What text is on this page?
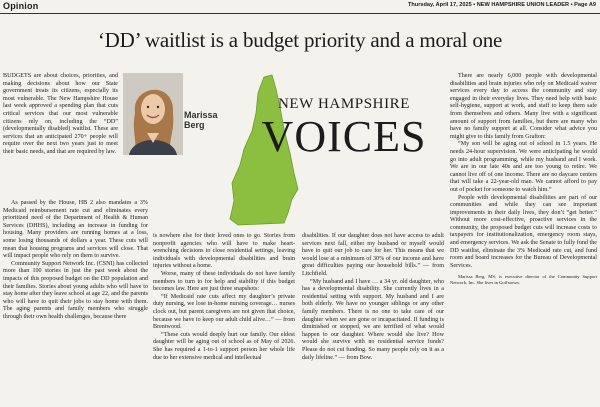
Opinion	Thursday, April 17, 2025 • NEW HAMPSHIRE UNION LEADER • Page A9
‘DD’ waitlist is a budget priority and a moral one

BUDGETS are about choices, priorities, and making decisions about how our State government treats its citizens, especially its most vulnerable. The New Hampshire House last week approved a spending plan that cuts critical services that our most vulnerable citizens rely on, including the “DD” (developmentally disabled) waitlist. These are services that an anticipated 270+ people will require over the next two years just to meet their basic needs, and that are required by law.

Marissa
Berg
NEW HAMPSHIRE
VOICES

As passed by the House, HB 2 also mandates a 3% Medicaid reimbursement rate cut and eliminates every prioritized need of the Department of Health & Human Services (DHHS), including an increase in funding for housing. Many providers are running homes at a loss, some losing thousands of dollars a year. These cuts will mean that housing programs and services will close. That will impact people who rely on them to survive.

Community Support Network Inc. (CSNI) has collected more than 100 stories in just the past week about the impacts of this proposed budget on the DD population and their families. Stories about young adults who will have to stay home after they leave school at age 22, and the parents who will have to quit their jobs to stay home with them. The aging parents and family members who struggle through their own health challenges, because there

is nowhere else for their loved ones to go. Stories from nonprofit agencies who will have to make heart-wrenching decisions to close residential settings, leaving individuals with developmental disabilities and brain injuries without a home.

Worse, many of these individuals do not have family members to turn to for help and stability if this budget becomes law. Here are just three snapshots:

“If Medicaid rate cuts affect my daughter’s private duty nursing, we lose in-home nursing coverage… nurses clock out, but parent caregivers are not given that choice, because we have to keep our adult child alive…” — from Brentwood.

“These cuts would deeply hurt our family. Our eldest daughter will be aging out of school as of May of 2026. She has required a 1-to-1 support person her whole life due to her extensive medical and intellectual

disabilities. If our daughter does not have access to adult services next fall, either my husband or myself would have to quit our job to care for her. This means that we would lose at a minimum of 30% of our income and have great difficulties paying our household bills.” — from Litchfield.

“My husband and I have … a 34 yr. old daughter, who has a developmental disability. She currently lives in a residential setting with support. My husband and I are both elderly. We have no younger siblings or any other family members. There is no one to take care of our daughter when we are gone or incapacitated. If funding is diminished or stopped, we are terrified of what would happen to our daughter. Where would she live? How would she survive with no residential service funds? Please do not cut funding. So many people rely on it as a daily lifeline.” — from Bow.

There are nearly 6,000 people with developmental disabilities and brain injuries who rely on Medicaid waiver services every day to access the community and stay engaged in their everyday lives. They need help with basic self-hygiene, support at work, and staff to keep them safe from themselves and others. Many live with a significant amount of support from families, but there are many who have no family support at all. Consider what advice you might give to this family from Grafton:

“My son will be aging out of school in 1.5 years. He needs 24-hour supervision. We were anticipating he would go into adult programming, while my husband and I work. We are in our late 40s and are too young to retire. We cannot live off of one income. There are no daycare centers that will take a 22-year-old man. We cannot afford to pay out of pocket for someone to watch him.”

People with developmental disabilities are part of our communities and while they can see important improvements in their daily lives, they don’t “get better.” Without more cost-effective, proactive services in the community, the proposed budget cuts will increase costs to taxpayers for institutionalization, emergency room stays, and emergency services. We ask the Senate to fully fund the DD waitlist, eliminate the 3% Medicaid rate cut, and fund room and board increases for the Bureau of Developmental Services.

Marissa Berg, MS, is executive director of the Community Support Network, Inc. She lives in Goffstown.
